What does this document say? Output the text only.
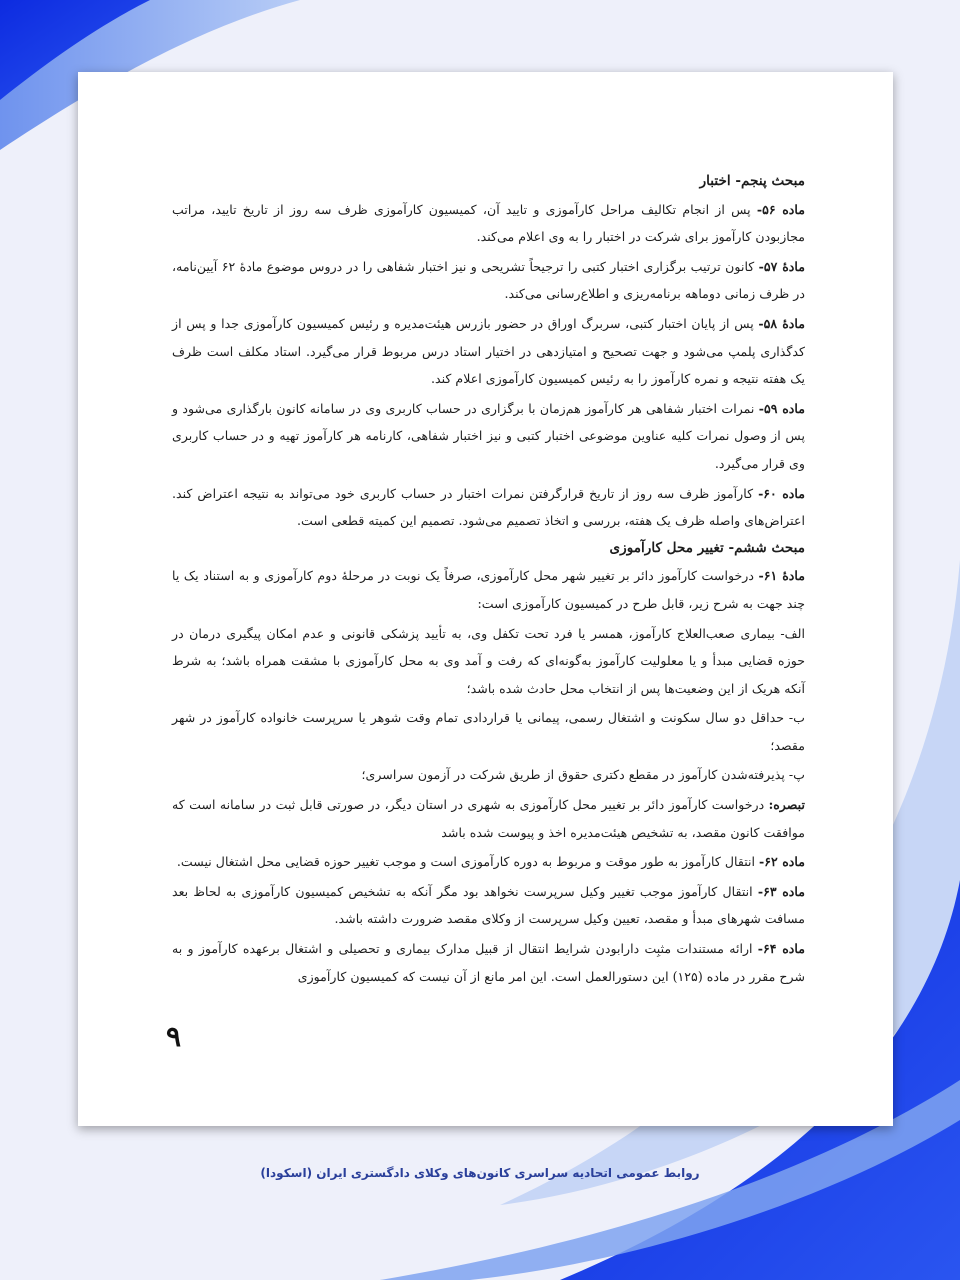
مبحث پنجم- اختبار

ماده ۵۶- پس از انجام تکالیف مراحل کارآموزی و تایید آن، کمیسیون کارآموزی ظرف سه روز از تاریخ تایید، مراتب مجازبودن کارآموز برای شرکت در اختبار را به وی اعلام می‌کند.

مادۀ ۵۷- کانون ترتیب برگزاری اختبار کتبی را ترجیحاً تشریحی و نیز اختبار شفاهی را در دروس موضوع مادۀ ۶۲ آیین‌نامه، در ظرف زمانی دوماهه برنامه‌ریزی و اطلاع‌رسانی می‌کند.

مادۀ ۵۸- پس از پایان اختبار کتبی، سربرگ اوراق در حضور بازرس هیئت‌مدیره و رئیس کمیسیون کارآموزی جدا و پس از کدگذاری پلمپ می‌شود و جهت تصحیح و امتیازدهی در اختیار استاد درس مربوط قرار می‌گیرد. استاد مکلف است ظرف یک هفته نتیجه و نمره کارآموز را به رئیس کمیسیون کارآموزی اعلام کند.

ماده ۵۹- نمرات اختبار شفاهی هر کارآموز هم‌زمان با برگزاری در حساب کاربری وی در سامانه کانون بارگذاری می‌شود و پس از وصول نمرات کلیه عناوین موضوعی اختبار کتبی و نیز اختبار شفاهی، کارنامه هر کارآموز تهیه و در حساب کاربری وی قرار می‌گیرد.

ماده ۶۰- کارآموز ظرف سه روز از تاریخ قرارگرفتن نمرات اختبار در حساب کاربری خود می‌تواند به نتیجه اعتراض کند. اعتراض‌های واصله ظرف یک هفته، بررسی و اتخاذ تصمیم می‌شود. تصمیم این کمیته قطعی است.

مبحث ششم- تغییر محل کارآموزی

مادۀ ۶۱- درخواست کارآموز دائر بر تغییر شهر محل کارآموزی، صرفاً یک نوبت در مرحلۀ دوم کارآموزی و به استناد یک یا چند جهت به شرح زیر، قابل طرح در کمیسیون کارآموزی است:

الف- بیماری صعب‌العلاج کارآموز، همسر یا فرد تحت تکفل وی، به تأیید پزشکی قانونی و عدم امکان پیگیری درمان در حوزه قضایی مبدأ و یا معلولیت کارآموز به‌گونه‌ای که رفت و آمد وی به محل کارآموزی با مشقت همراه باشد؛ به شرط آنکه هریک از این وضعیت‌ها پس از انتخاب محل حادث شده باشد؛

ب- حداقل دو سال سکونت و اشتغال رسمی، پیمانی یا قراردادی تمام وقت شوهر یا سرپرست خانواده کارآموز در شهر مقصد؛

پ- پذیرفته‌شدن کارآموز در مقطع دکتری حقوق از طریق شرکت در آزمون سراسری؛

تبصره: درخواست کارآموز دائر بر تغییر محل کارآموزی به شهری در استان دیگر، در صورتی قابل ثبت در سامانه است که موافقت کانون مقصد، به تشخیص هیئت‌مدیره اخذ و پیوست شده باشد

ماده ۶۲- انتقال کارآموز به طور موقت و مربوط به دوره کارآموزی است و موجب تغییر حوزه قضایی محل اشتغال نیست.

ماده ۶۳- انتقال کارآموز موجب تغییر وکیل سرپرست نخواهد بود مگر آنکه به تشخیص کمیسیون کارآموزی به لحاظ بعد مسافت شهرهای مبدأ و مقصد، تعیین وکیل سرپرست از وکلای مقصد ضرورت داشته باشد.

ماده ۶۴- ارائه مستندات مثبِت دارابودن شرایط انتقال از قبیل مدارک بیماری و تحصیلی و اشتغال برعهده کارآموز و به شرح مقرر در ماده (۱۲۵) این دستورالعمل است. این امر مانع از آن نیست که کمیسیون کارآموزی

۹
روابط عمومی اتحادیه سراسری کانون‌های وکلای دادگستری ایران (اسکودا)
